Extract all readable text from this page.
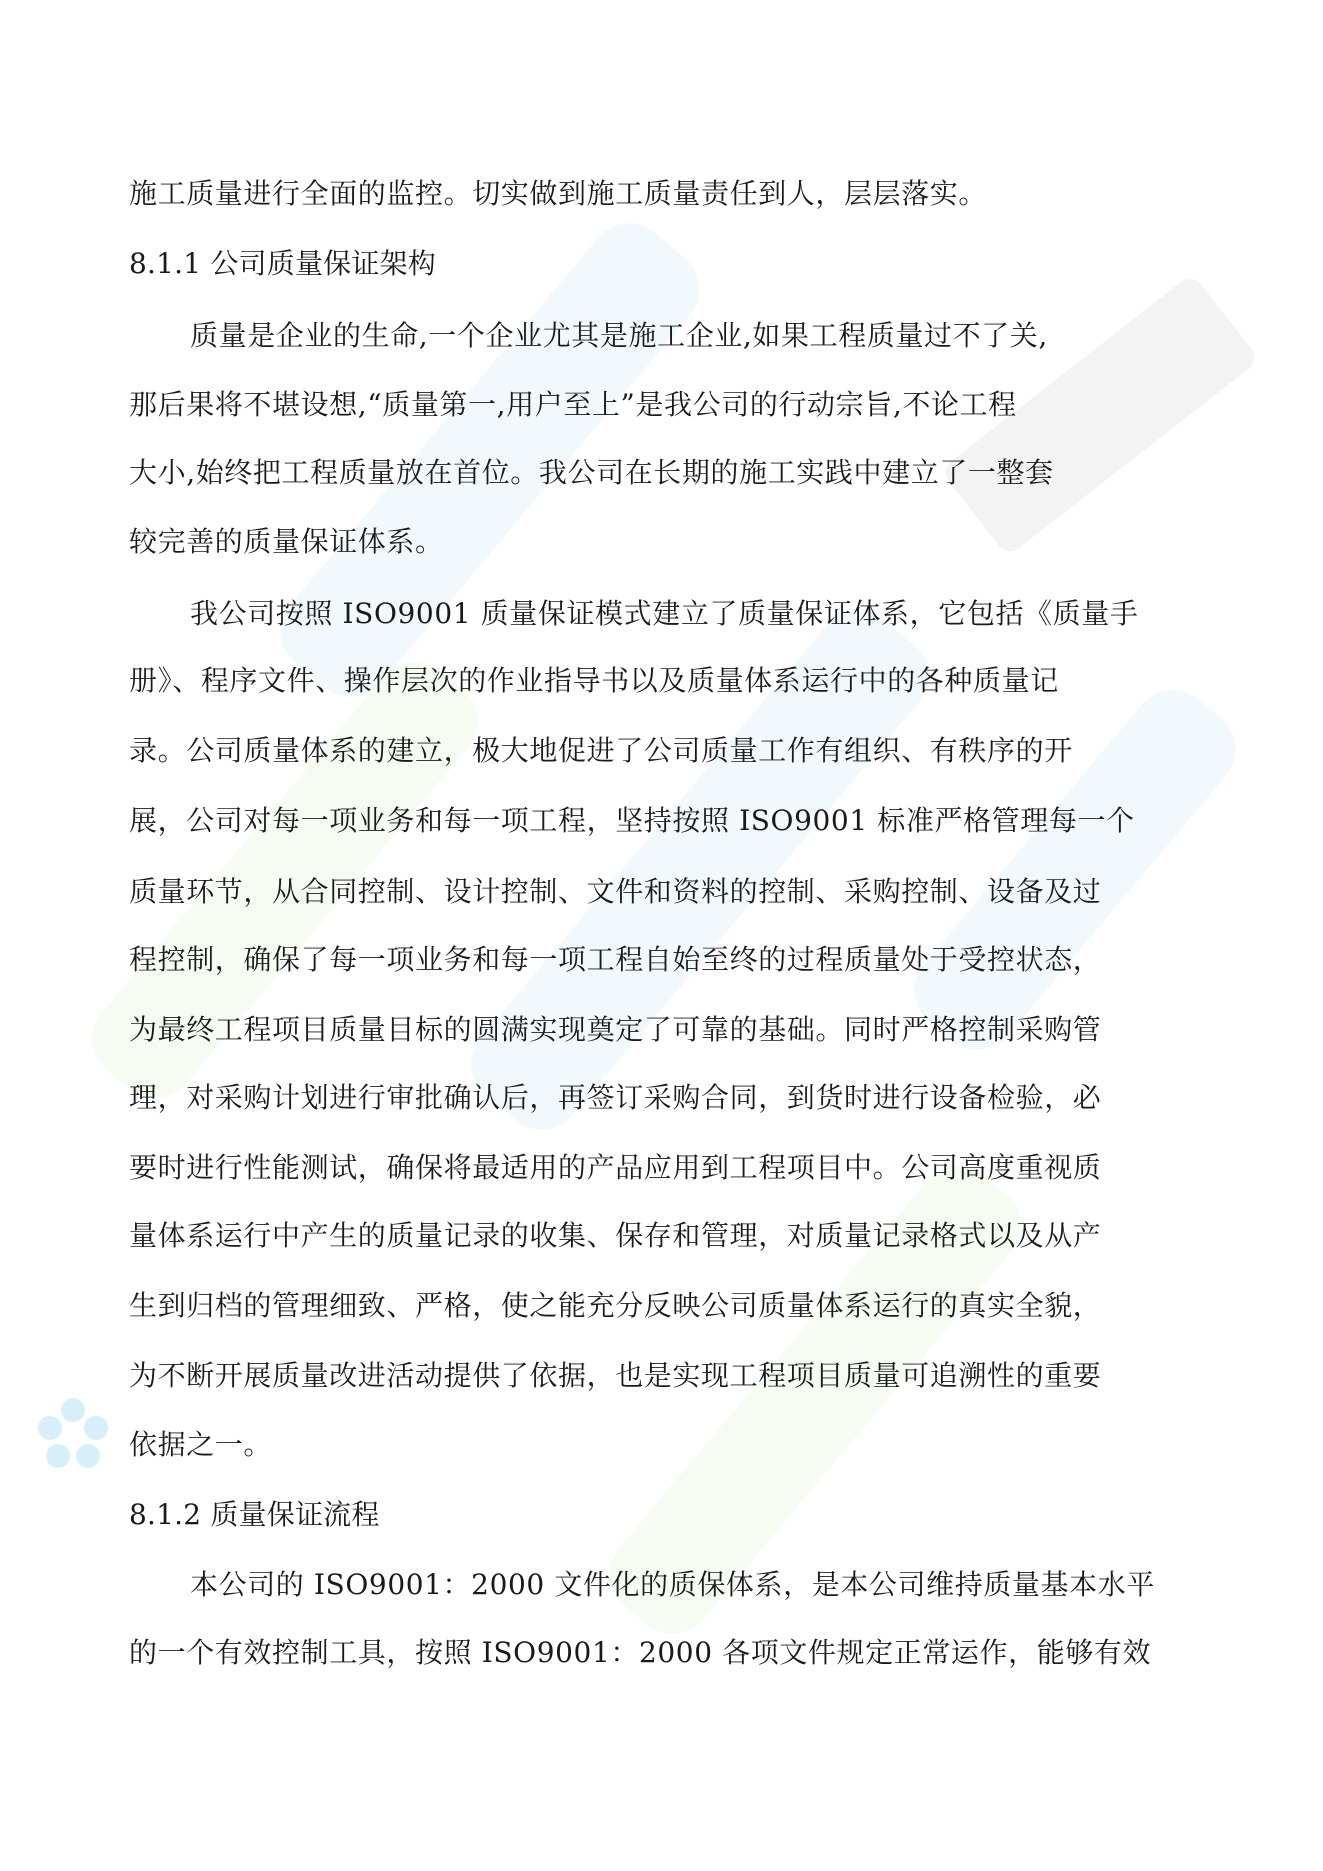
施工质量进行全面的监控。切实做到施工质量责任到人，层层落实。
8.1.1 公司质量保证架构
质量是企业的生命,一个企业尤其是施工企业,如果工程质量过不了关,
那后果将不堪设想,“质量第一,用户至上”是我公司的行动宗旨,不论工程
大小,始终把工程质量放在首位。我公司在长期的施工实践中建立了一整套
较完善的质量保证体系。
我公司按照 ISO9001 质量保证模式建立了质量保证体系，它包括《质量手
册》、程序文件、操作层次的作业指导书以及质量体系运行中的各种质量记
录。公司质量体系的建立，极大地促进了公司质量工作有组织、有秩序的开
展，公司对每一项业务和每一项工程，坚持按照 ISO9001 标准严格管理每一个
质量环节，从合同控制、设计控制、文件和资料的控制、采购控制、设备及过
程控制，确保了每一项业务和每一项工程自始至终的过程质量处于受控状态，
为最终工程项目质量目标的圆满实现奠定了可靠的基础。同时严格控制采购管
理，对采购计划进行审批确认后，再签订采购合同，到货时进行设备检验，必
要时进行性能测试，确保将最适用的产品应用到工程项目中。公司高度重视质
量体系运行中产生的质量记录的收集、保存和管理，对质量记录格式以及从产
生到归档的管理细致、严格，使之能充分反映公司质量体系运行的真实全貌，
为不断开展质量改进活动提供了依据，也是实现工程项目质量可追溯性的重要
依据之一。
8.1.2 质量保证流程
本公司的 ISO9001：2000 文件化的质保体系，是本公司维持质量基本水平
的一个有效控制工具，按照 ISO9001：2000 各项文件规定正常运作，能够有效
